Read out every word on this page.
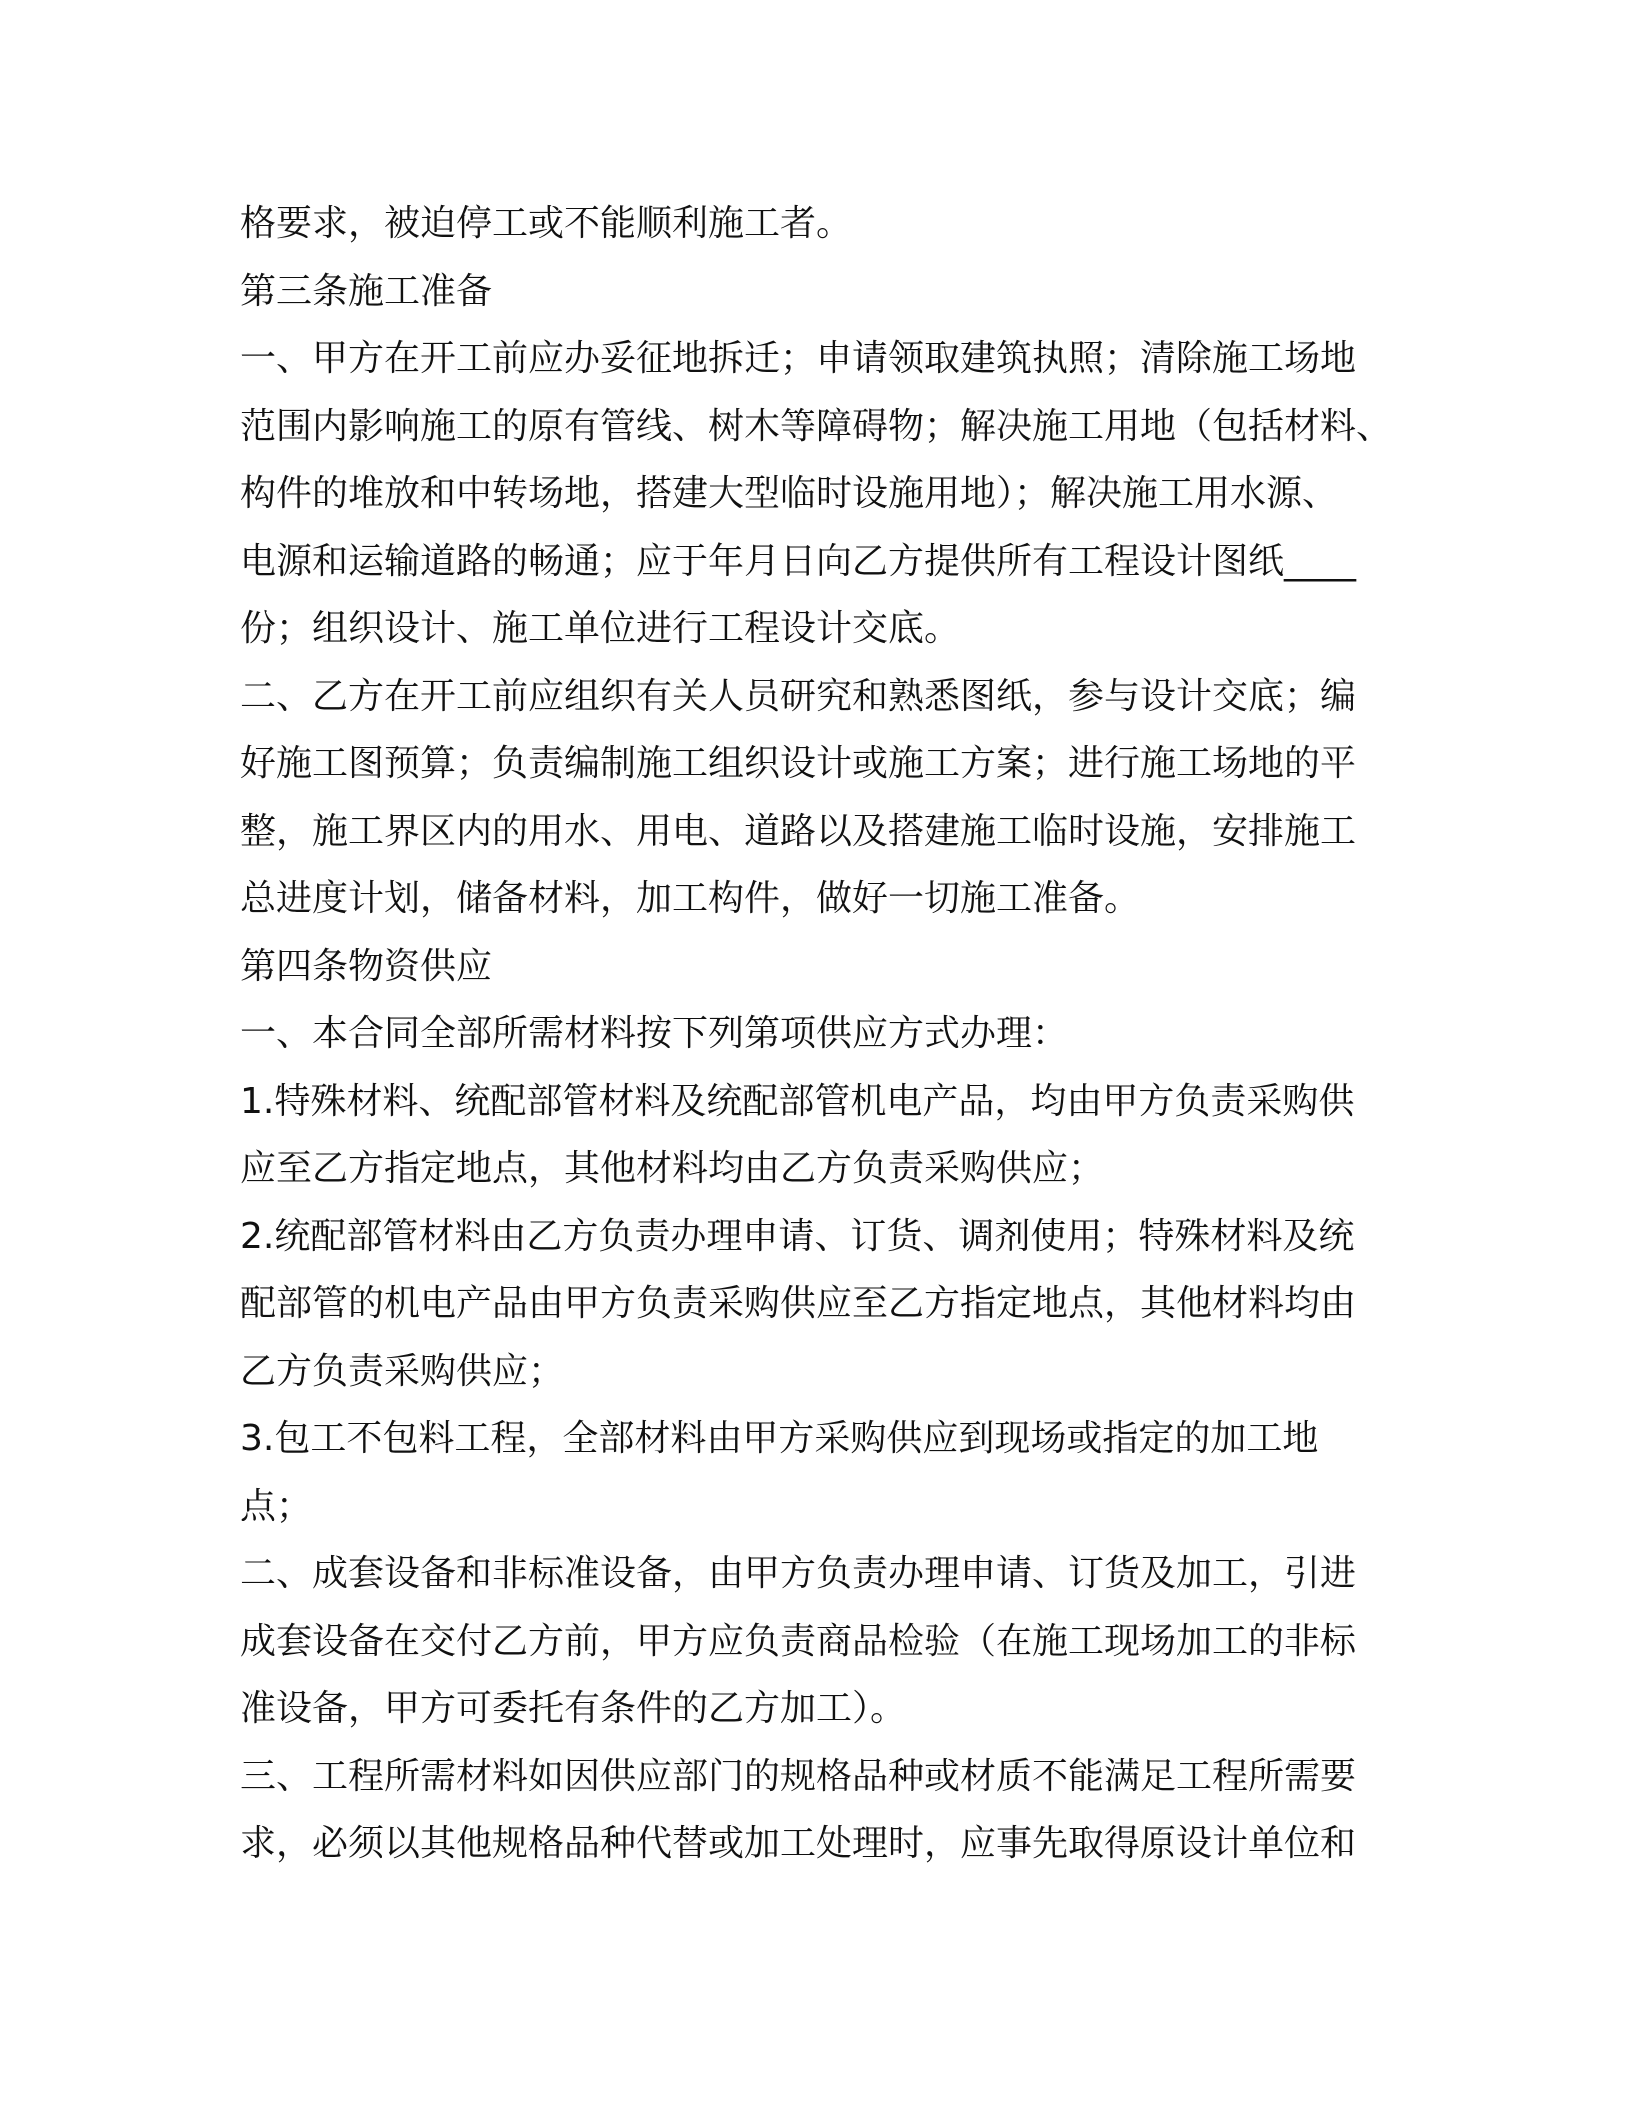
格要求，被迫停工或不能顺利施工者。
第三条施工准备
一、甲方在开工前应办妥征地拆迁；申请领取建筑执照；清除施工场地
范围内影响施工的原有管线、树木等障碍物；解决施工用地（包括材料、
构件的堆放和中转场地，搭建大型临时设施用地）；解决施工用水源、
电源和运输道路的畅通；应于年月日向乙方提供所有工程设计图纸____
份；组织设计、施工单位进行工程设计交底。
二、乙方在开工前应组织有关人员研究和熟悉图纸，参与设计交底；编
好施工图预算；负责编制施工组织设计或施工方案；进行施工场地的平
整，施工界区内的用水、用电、道路以及搭建施工临时设施，安排施工
总进度计划，储备材料，加工构件，做好一切施工准备。
第四条物资供应
一、本合同全部所需材料按下列第项供应方式办理：
1.特殊材料、统配部管材料及统配部管机电产品，均由甲方负责采购供
应至乙方指定地点，其他材料均由乙方负责采购供应；
2.统配部管材料由乙方负责办理申请、订货、调剂使用；特殊材料及统
配部管的机电产品由甲方负责采购供应至乙方指定地点，其他材料均由
乙方负责采购供应；
3.包工不包料工程，全部材料由甲方采购供应到现场或指定的加工地
点；
二、成套设备和非标准设备，由甲方负责办理申请、订货及加工，引进
成套设备在交付乙方前，甲方应负责商品检验（在施工现场加工的非标
准设备，甲方可委托有条件的乙方加工）。
三、工程所需材料如因供应部门的规格品种或材质不能满足工程所需要
求，必须以其他规格品种代替或加工处理时，应事先取得原设计单位和
